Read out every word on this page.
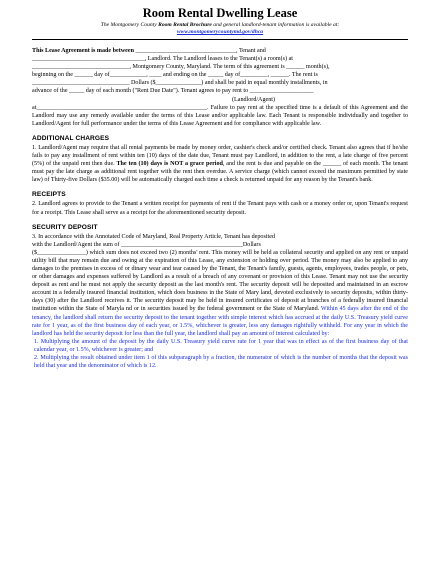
Room Rental Dwelling Lease
The Montgomery County Room Rental Brochure and general landlord-tenant information is available at:
www.montgomerycountymd.gov/dhca

This Lease Agreement is made between _________________________________, Tenant and

_____________________________________, Landlord. The Landlord leases to the Tenant(s) a room(s) at

________________________________, Montgomery County, Maryland. The term of this agreement is ______ month(s),

beginning on the ______ day of____________, ____ and ending on the _____ day of_________, ______. The rent is

________________________________ Dollars ($_______________) and shall be paid in equal monthly installments, in

advance of the _____ day of each month ("Rent Due Date"). Tenant agrees to pay rent to _____________________

(Landlord/Agent)

at________________________________________________________. Failure to pay rent at the specified time is a default of this Agreement and the Landlord may use any remedy available under the terms of this Lease and/or applicable law. Each Tenant is responsible individually and together to Landlord/Agent for full performance under the terms of this Lease Agreement and for compliance with applicable law.

ADDITIONAL CHARGES

1. Landlord/Agent may require that all rental payments be made by money order, cashier's check and/or certified check. Tenant also agrees that if he/she fails to pay any installment of rent within ten (10) days of the date due, Tenant must pay Landlord, in addition to the rent, a late charge of five percent (5%) of the unpaid rent then due. The ten (10) days is NOT a grace period, and the rent is due and payable on the ______ of each month. The tenant must pay the late charge as additional rent together with the rent then overdue. A service charge (which cannot exceed the maximum permitted by state law) of Thirty-five Dollars ($35.00) will be automatically charged each time a check is returned unpaid for any reason by the Tenant's bank.

RECEIPTS

2. Landlord agrees to provide to the Tenant a written receipt for payments of rent if the Tenant pays with cash or a money order or, upon Tenant's request for a receipt. This Lease shall serve as a receipt for the aforementioned security deposit.

SECURITY DEPOSIT

3. In accordance with the Annotated Code of Maryland, Real Property Article, Tenant has deposited

with the Landlord/Agent the sum of ________________________________________Dollars

($________________) which sum does not exceed two (2) months' rent. This money will be held as collateral security and applied on any rent or unpaid utility bill that may remain due and owing at the expiration of this Lease, any extension or holding over period. The money may also be applied to any damages to the premises in excess of or dinary wear and tear caused by the Tenant, the Tenant's family, guests, agents, employees, trades people, or pets, or other damages and expenses suffered by Landlord as a result of a breach of any covenant or provision of this Lease. Tenant may not use the security deposit as rent and he must not apply the security deposit as the last month's rent. The security deposit will be deposited and maintained in an escrow account in a federally insured financial institution, which does business in the State of Mary land, devoted exclusively to security deposits, within thirty- days (30) after the Landlord receives it. The security deposit may be held in insured certificates of deposit at branches of a federally insured financial institution within the State of Maryla nd or in securities issued by the federal government or the State of Maryland. Within 45 days after the end of the tenancy, the landlord shall return the security deposit to the tenant together with simple interest which has accrued at the daily U.S. Treasury yield curve rate for 1 year, as of the first business day of each year, or 1.5%, whichever is greater, less any damages rightfully withheld. For any year in which the landlord has held the security deposit for less than the full year, the landlord shall pay an amount of interest calculated by:

1. Multiplying the amount of the deposit by the daily U.S. Treasury yield curve rate for 1 year that was in effect as of the first business day of that calendar year, or 1.5%, whichever is greater; and

2. Multiplying the result obtained under item 1 of this subparagraph by a fraction, the numerator of which is the number of months that the deposit was held that year and the denominator of which is 12.
